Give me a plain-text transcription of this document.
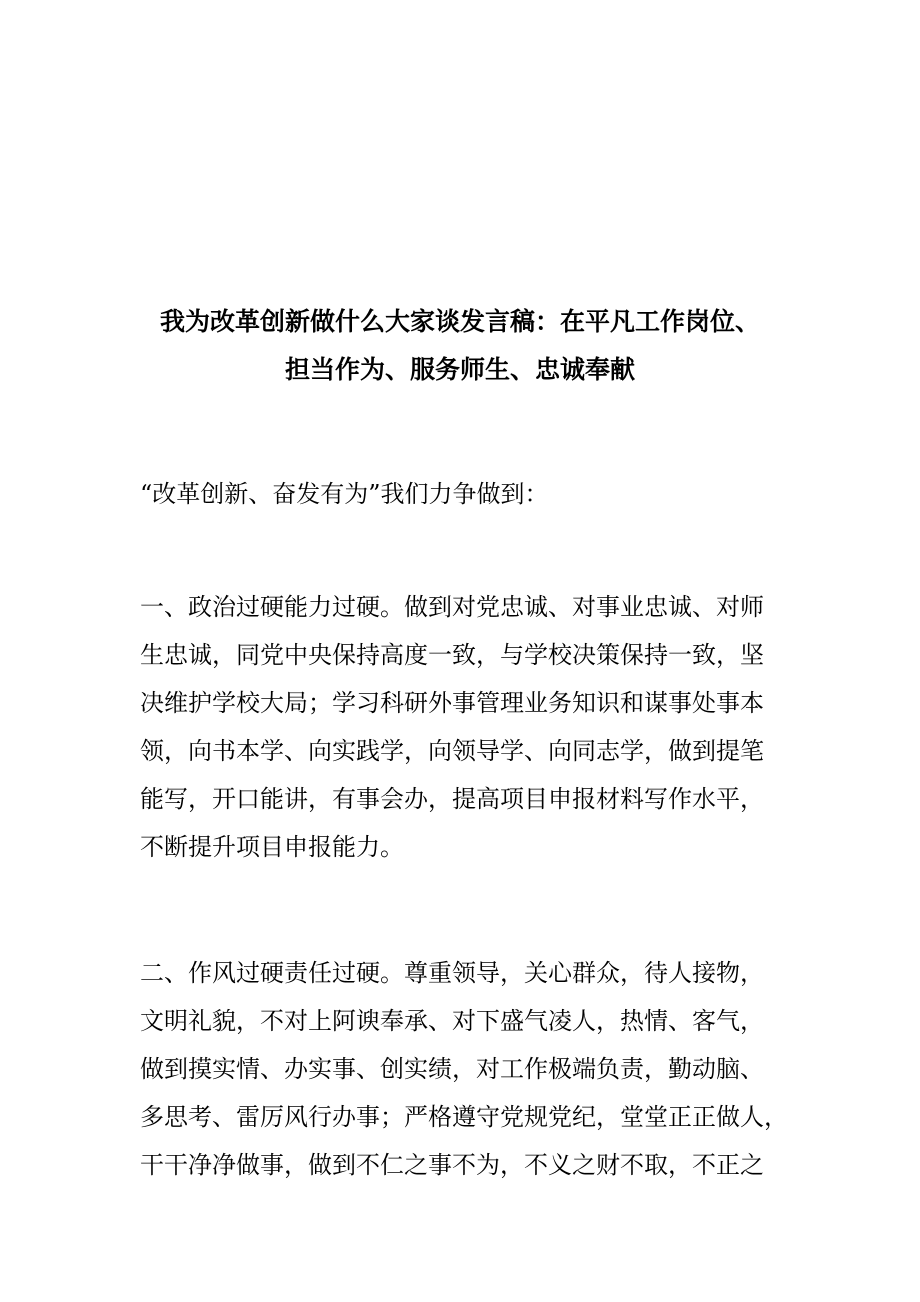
我为改革创新做什么大家谈发言稿：在平凡工作岗位、
担当作为、服务师生、忠诚奉献

“改革创新、奋发有为”我们力争做到：

一、政治过硬能力过硬。做到对党忠诚、对事业忠诚、对师
生忠诚，同党中央保持高度一致，与学校决策保持一致，坚
决维护学校大局；学习科研外事管理业务知识和谋事处事本
领，向书本学、向实践学，向领导学、向同志学，做到提笔
能写，开口能讲，有事会办，提高项目申报材料写作水平，
不断提升项目申报能力。
二、作风过硬责任过硬。尊重领导，关心群众，待人接物，
文明礼貌，不对上阿谀奉承、对下盛气凌人，热情、客气，
做到摸实情、办实事、创实绩，对工作极端负责，勤动脑、
多思考、雷厉风行办事；严格遵守党规党纪，堂堂正正做人，
干干净净做事，做到不仁之事不为，不义之财不取，不正之
